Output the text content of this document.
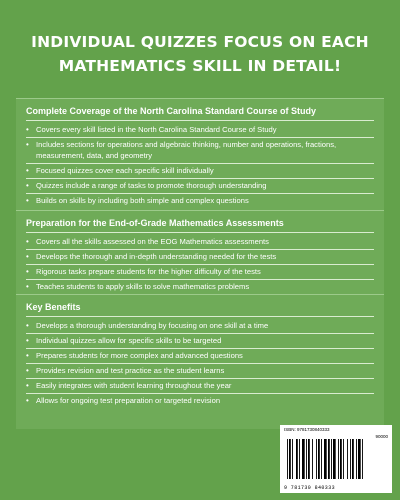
INDIVIDUAL QUIZZES FOCUS ON EACH
MATHEMATICS SKILL IN DETAIL!
Complete Coverage of the North Carolina Standard Course of Study
• Covers every skill listed in the North Carolina Standard Course of Study
• Includes sections for operations and algebraic thinking, number and operations, fractions, measurement, data, and geometry
• Focused quizzes cover each specific skill individually
• Quizzes include a range of tasks to promote thorough understanding
• Builds on skills by including both simple and complex questions
Preparation for the End-of-Grade Mathematics Assessments
• Covers all the skills assessed on the EOG Mathematics assessments
• Develops the thorough and in-depth understanding needed for the tests
• Rigorous tasks prepare students for the higher difficulty of the tests
• Teaches students to apply skills to solve mathematics problems
Key Benefits
• Develops a thorough understanding by focusing on one skill at a time
• Individual quizzes allow for specific skills to be targeted
• Prepares students for more complex and advanced questions
• Provides revision and test practice as the student learns
• Easily integrates with student learning throughout the year
• Allows for ongoing test preparation or targeted revision
ISBN: 9781730840333
90000
9 781730 840333
